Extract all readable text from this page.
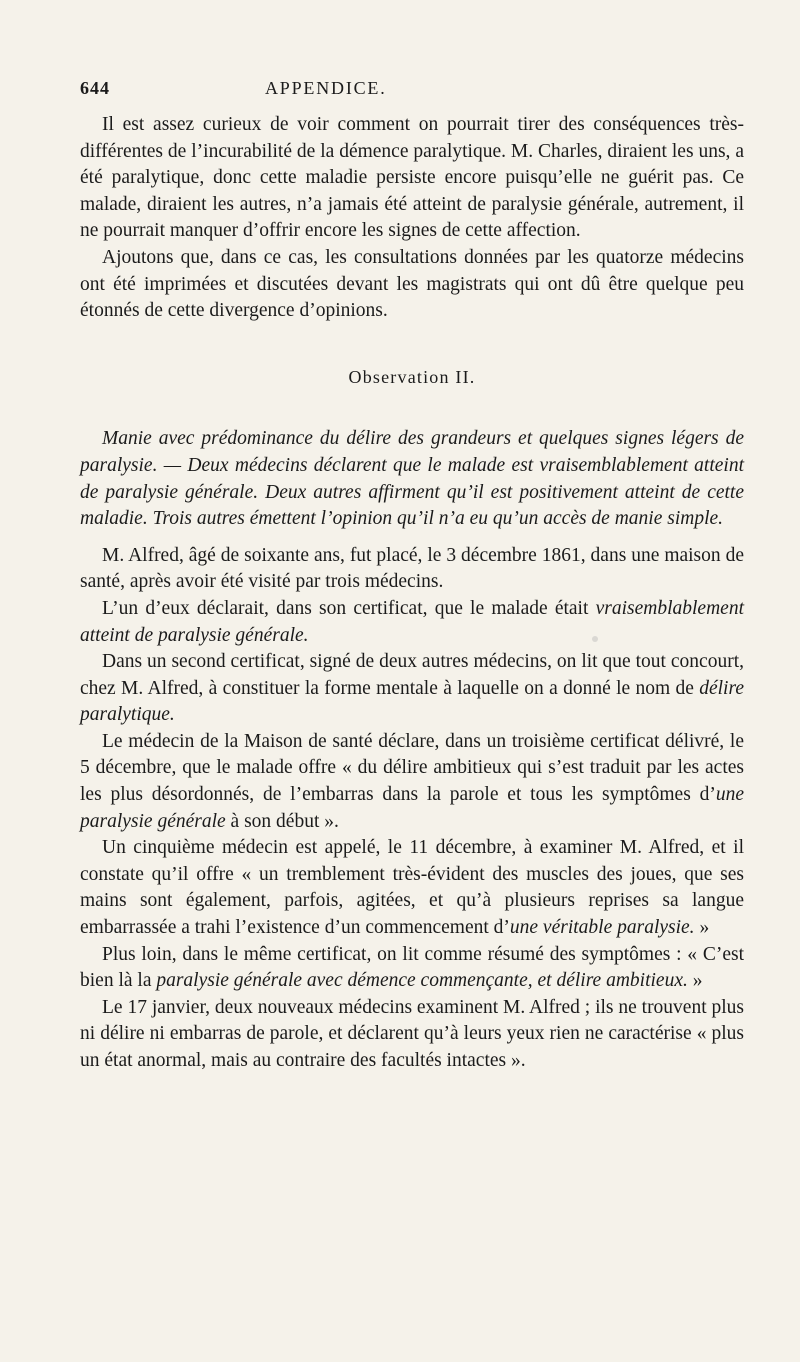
644	APPENDICE.

Il est assez curieux de voir comment on pourrait tirer des conséquences très-différentes de l’incurabilité de la démence paralytique. M. Charles, diraient les uns, a été paralytique, donc cette maladie persiste encore puisqu’elle ne guérit pas. Ce malade, diraient les autres, n’a jamais été atteint de paralysie générale, autrement, il ne pourrait manquer d’offrir encore les signes de cette affection.

Ajoutons que, dans ce cas, les consultations données par les quatorze médecins ont été imprimées et discutées devant les magistrats qui ont dû être quelque peu étonnés de cette divergence d’opinions.

Observation II.

Manie avec prédominance du délire des grandeurs et quelques signes légers de paralysie. — Deux médecins déclarent que le malade est vraisemblablement atteint de paralysie générale. Deux autres affirment qu’il est positivement atteint de cette maladie. Trois autres émettent l’opinion qu’il n’a eu qu’un accès de manie simple.

M. Alfred, âgé de soixante ans, fut placé, le 3 décembre 1861, dans une maison de santé, après avoir été visité par trois médecins.

L’un d’eux déclarait, dans son certificat, que le malade était vraisemblablement atteint de paralysie générale.

Dans un second certificat, signé de deux autres médecins, on lit que tout concourt, chez M. Alfred, à constituer la forme mentale à laquelle on a donné le nom de délire paralytique.

Le médecin de la Maison de santé déclare, dans un troisième certificat délivré, le 5 décembre, que le malade offre « du délire ambitieux qui s’est traduit par les actes les plus désordonnés, de l’embarras dans la parole et tous les symptômes d’une paralysie générale à son début ».

Un cinquième médecin est appelé, le 11 décembre, à examiner M. Alfred, et il constate qu’il offre « un tremblement très-évident des muscles des joues, que ses mains sont également, parfois, agitées, et qu’à plusieurs reprises sa langue embarrassée a trahi l’existence d’un commencement d’une véritable paralysie. »

Plus loin, dans le même certificat, on lit comme résumé des symptômes : « C’est bien là la paralysie générale avec démence commençante, et délire ambitieux. »

Le 17 janvier, deux nouveaux médecins examinent M. Alfred ; ils ne trouvent plus ni délire ni embarras de parole, et déclarent qu’à leurs yeux rien ne caractérise « plus un état anormal, mais au contraire des facultés intactes ».
